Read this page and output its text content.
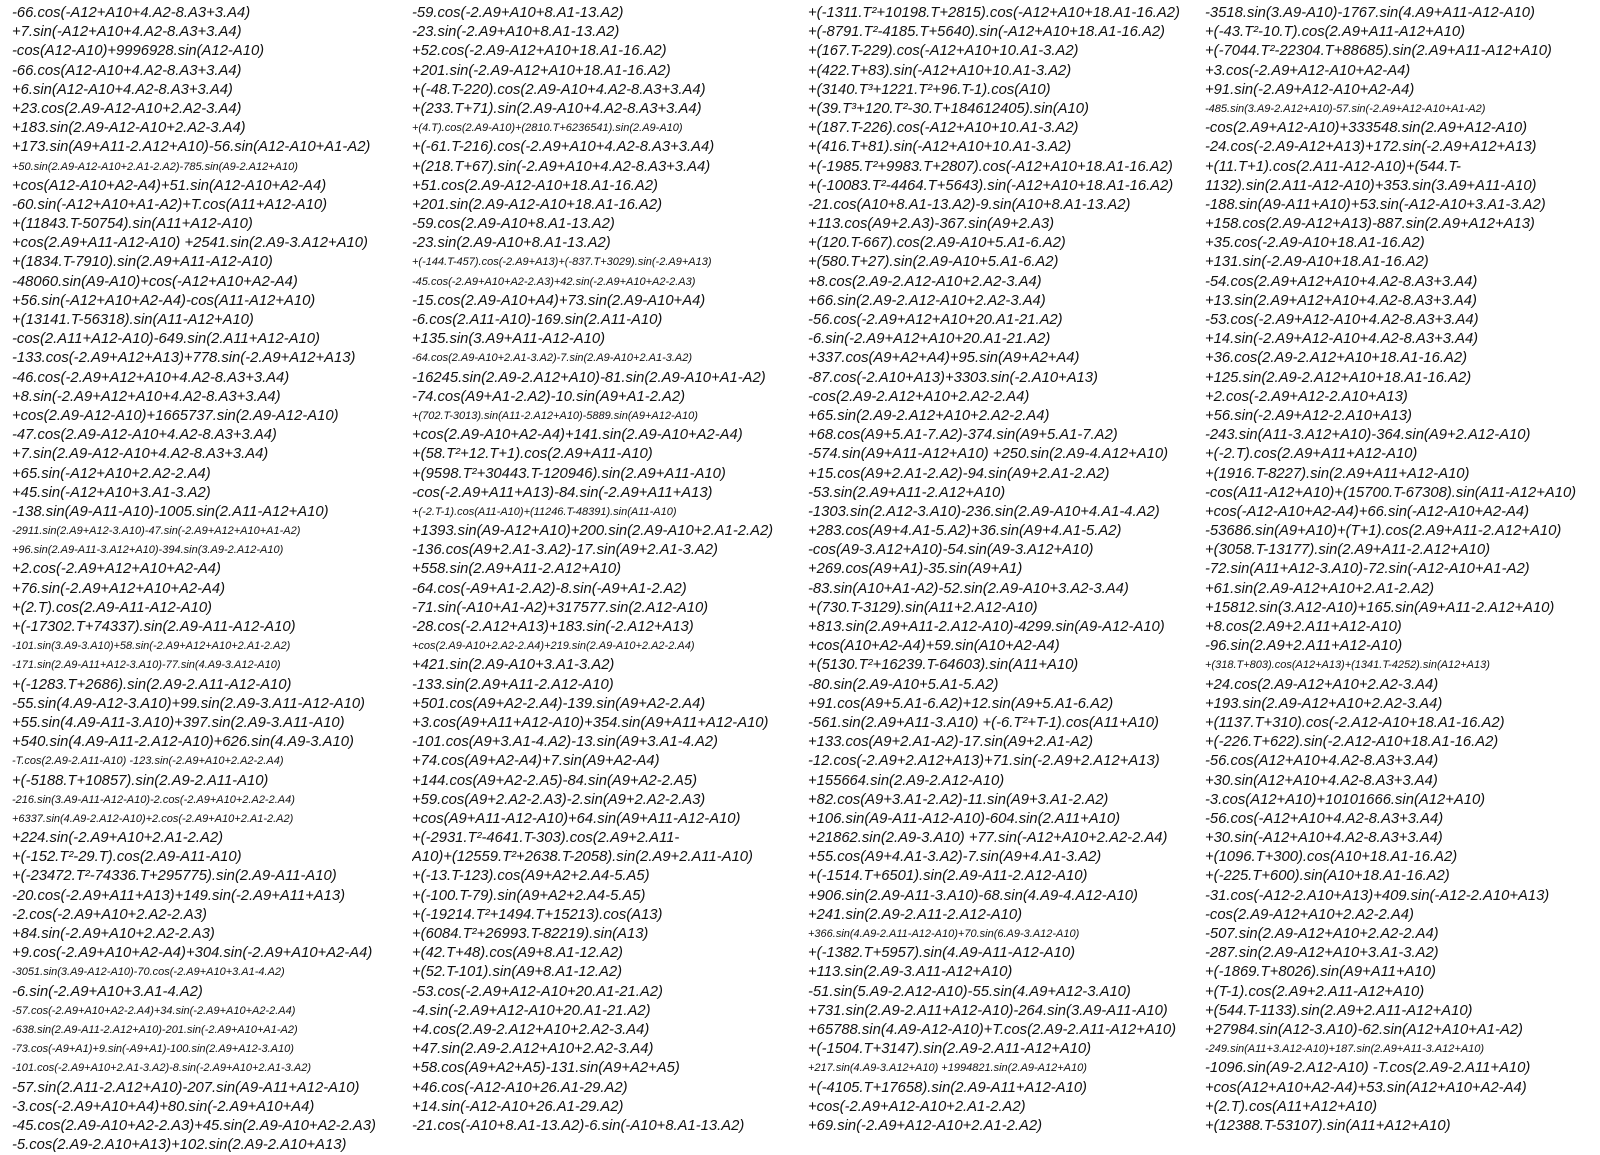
-66.cos(-A12+A10+4.A2-8.A3+3.A4)
+7.sin(-A12+A10+4.A2-8.A3+3.A4)
-cos(A12-A10)+9996928.sin(A12-A10)
-66.cos(A12-A10+4.A2-8.A3+3.A4)
+6.sin(A12-A10+4.A2-8.A3+3.A4)
+23.cos(2.A9-A12-A10+2.A2-3.A4)
+183.sin(2.A9-A12-A10+2.A2-3.A4)
+173.sin(A9+A11-2.A12+A10)-56.sin(A12-A10+A1-A2)
+50.sin(2.A9-A12-A10+2.A1-2.A2)-785.sin(A9-2.A12+A10)
+cos(A12-A10+A2-A4)+51.sin(A12-A10+A2-A4)
-60.sin(-A12+A10+A1-A2)+T.cos(A11+A12-A10)
+(11843.T-50754).sin(A11+A12-A10)
+cos(2.A9+A11-A12-A10) +2541.sin(2.A9-3.A12+A10)
+(1834.T-7910).sin(2.A9+A11-A12-A10)
-48060.sin(A9-A10)+cos(-A12+A10+A2-A4)
+56.sin(-A12+A10+A2-A4)-cos(A11-A12+A10)
+(13141.T-56318).sin(A11-A12+A10)
-cos(2.A11+A12-A10)-649.sin(2.A11+A12-A10)
-133.cos(-2.A9+A12+A13)+778.sin(-2.A9+A12+A13)
-46.cos(-2.A9+A12+A10+4.A2-8.A3+3.A4)
+8.sin(-2.A9+A12+A10+4.A2-8.A3+3.A4)
+cos(2.A9-A12-A10)+1665737.sin(2.A9-A12-A10)
-47.cos(2.A9-A12-A10+4.A2-8.A3+3.A4)
+7.sin(2.A9-A12-A10+4.A2-8.A3+3.A4)
+65.sin(-A12+A10+2.A2-2.A4)
+45.sin(-A12+A10+3.A1-3.A2)
-138.sin(A9-A11-A10)-1005.sin(2.A11-A12+A10)
-2911.sin(2.A9+A12-3.A10)-47.sin(-2.A9+A12+A10+A1-A2)
+96.sin(2.A9-A11-3.A12+A10)-394.sin(3.A9-2.A12-A10)
+2.cos(-2.A9+A12+A10+A2-A4)
+76.sin(-2.A9+A12+A10+A2-A4)
+(2.T).cos(2.A9-A11-A12-A10)
+(-17302.T+74337).sin(2.A9-A11-A12-A10)
-101.sin(3.A9-3.A10)+58.sin(-2.A9+A12+A10+2.A1-2.A2)
-171.sin(2.A9-A11+A12-3.A10)-77.sin(4.A9-3.A12-A10)
+(-1283.T+2686).sin(2.A9-2.A11-A12-A10)
-55.sin(4.A9-A12-3.A10)+99.sin(2.A9-3.A11-A12-A10)
+55.sin(4.A9-A11-3.A10)+397.sin(2.A9-3.A11-A10)
+540.sin(4.A9-A11-2.A12-A10)+626.sin(4.A9-3.A10)
-T.cos(2.A9-2.A11-A10) -123.sin(-2.A9+A10+2.A2-2.A4)
+(-5188.T+10857).sin(2.A9-2.A11-A10)
-216.sin(3.A9-A11-A12-A10)-2.cos(-2.A9+A10+2.A2-2.A4)
+6337.sin(4.A9-2.A12-A10)+2.cos(-2.A9+A10+2.A1-2.A2)
+224.sin(-2.A9+A10+2.A1-2.A2)
+(-152.T²-29.T).cos(2.A9-A11-A10)
+(-23472.T²-74336.T+295775).sin(2.A9-A11-A10)
-20.cos(-2.A9+A11+A13)+149.sin(-2.A9+A11+A13)
-2.cos(-2.A9+A10+2.A2-2.A3)
+84.sin(-2.A9+A10+2.A2-2.A3)
+9.cos(-2.A9+A10+A2-A4)+304.sin(-2.A9+A10+A2-A4)
-3051.sin(3.A9-A12-A10)-70.cos(-2.A9+A10+3.A1-4.A2)
-6.sin(-2.A9+A10+3.A1-4.A2)
-57.cos(-2.A9+A10+A2-2.A4)+34.sin(-2.A9+A10+A2-2.A4)
-638.sin(2.A9-A11-2.A12+A10)-201.sin(-2.A9+A10+A1-A2)
-73.cos(-A9+A1)+9.sin(-A9+A1)-100.sin(2.A9+A12-3.A10)
-101.cos(-2.A9+A10+2.A1-3.A2)-8.sin(-2.A9+A10+2.A1-3.A2)
-57.sin(2.A11-2.A12+A10)-207.sin(A9-A11+A12-A10)
-3.cos(-2.A9+A10+A4)+80.sin(-2.A9+A10+A4)
-45.cos(2.A9-A10+A2-2.A3)+45.sin(2.A9-A10+A2-2.A3)
-5.cos(2.A9-2.A10+A13)+102.sin(2.A9-2.A10+A13)
-59.cos(-2.A9+A10+8.A1-13.A2)
-23.sin(-2.A9+A10+8.A1-13.A2)
+52.cos(-2.A9-A12+A10+18.A1-16.A2)
+201.sin(-2.A9-A12+A10+18.A1-16.A2)
+(-48.T-220).cos(2.A9-A10+4.A2-8.A3+3.A4)
+(233.T+71).sin(2.A9-A10+4.A2-8.A3+3.A4)
+(4.T).cos(2.A9-A10)+(2810.T+6236541).sin(2.A9-A10)
+(-61.T-216).cos(-2.A9+A10+4.A2-8.A3+3.A4)
+(218.T+67).sin(-2.A9+A10+4.A2-8.A3+3.A4)
+51.cos(2.A9-A12-A10+18.A1-16.A2)
+201.sin(2.A9-A12-A10+18.A1-16.A2)
-59.cos(2.A9-A10+8.A1-13.A2)
-23.sin(2.A9-A10+8.A1-13.A2)
+(-144.T-457).cos(-2.A9+A13)+(-837.T+3029).sin(-2.A9+A13)
-45.cos(-2.A9+A10+A2-2.A3)+42.sin(-2.A9+A10+A2-2.A3)
-15.cos(2.A9-A10+A4)+73.sin(2.A9-A10+A4)
-6.cos(2.A11-A10)-169.sin(2.A11-A10)
+135.sin(3.A9+A11-A12-A10)
-64.cos(2.A9-A10+2.A1-3.A2)-7.sin(2.A9-A10+2.A1-3.A2)
-16245.sin(2.A9-2.A12+A10)-81.sin(2.A9-A10+A1-A2)
-74.cos(A9+A1-2.A2)-10.sin(A9+A1-2.A2)
+(702.T-3013).sin(A11-2.A12+A10)-5889.sin(A9+A12-A10)
+cos(2.A9-A10+A2-A4)+141.sin(2.A9-A10+A2-A4)
+(58.T²+12.T+1).cos(2.A9+A11-A10)
+(9598.T²+30443.T-120946).sin(2.A9+A11-A10)
-cos(-2.A9+A11+A13)-84.sin(-2.A9+A11+A13)
+(-2.T-1).cos(A11-A10)+(11246.T-48391).sin(A11-A10)
+1393.sin(A9-A12+A10)+200.sin(2.A9-A10+2.A1-2.A2)
-136.cos(A9+2.A1-3.A2)-17.sin(A9+2.A1-3.A2)
+558.sin(2.A9+A11-2.A12+A10)
-64.cos(-A9+A1-2.A2)-8.sin(-A9+A1-2.A2)
-71.sin(-A10+A1-A2)+317577.sin(2.A12-A10)
-28.cos(-2.A12+A13)+183.sin(-2.A12+A13)
+cos(2.A9-A10+2.A2-2.A4)+219.sin(2.A9-A10+2.A2-2.A4)
+421.sin(2.A9-A10+3.A1-3.A2)
-133.sin(2.A9+A11-2.A12-A10)
+501.cos(A9+A2-2.A4)-139.sin(A9+A2-2.A4)
+3.cos(A9+A11+A12-A10)+354.sin(A9+A11+A12-A10)
-101.cos(A9+3.A1-4.A2)-13.sin(A9+3.A1-4.A2)
+74.cos(A9+A2-A4)+7.sin(A9+A2-A4)
+144.cos(A9+A2-2.A5)-84.sin(A9+A2-2.A5)
+59.cos(A9+2.A2-2.A3)-2.sin(A9+2.A2-2.A3)
+cos(A9+A11-A12-A10)+64.sin(A9+A11-A12-A10)
+(-2931.T²-4641.T-303).cos(2.A9+2.A11-
A10)+(12559.T²+2638.T-2058).sin(2.A9+2.A11-A10)
+(-13.T-123).cos(A9+A2+2.A4-5.A5)
+(-100.T-79).sin(A9+A2+2.A4-5.A5)
+(-19214.T²+1494.T+15213).cos(A13)
+(6084.T²+26993.T-82219).sin(A13)
+(42.T+48).cos(A9+8.A1-12.A2)
+(52.T-101).sin(A9+8.A1-12.A2)
-53.cos(-2.A9+A12-A10+20.A1-21.A2)
-4.sin(-2.A9+A12-A10+20.A1-21.A2)
+4.cos(2.A9-2.A12+A10+2.A2-3.A4)
+47.sin(2.A9-2.A12+A10+2.A2-3.A4)
+58.cos(A9+A2+A5)-131.sin(A9+A2+A5)
+46.cos(-A12-A10+26.A1-29.A2)
+14.sin(-A12-A10+26.A1-29.A2)
-21.cos(-A10+8.A1-13.A2)-6.sin(-A10+8.A1-13.A2)
+(-1311.T²+10198.T+2815).cos(-A12+A10+18.A1-16.A2)
+(-8791.T²-4185.T+5640).sin(-A12+A10+18.A1-16.A2)
+(167.T-229).cos(-A12+A10+10.A1-3.A2)
+(422.T+83).sin(-A12+A10+10.A1-3.A2)
+(3140.T³+1221.T²+96.T-1).cos(A10)
+(39.T³+120.T²-30.T+184612405).sin(A10)
+(187.T-226).cos(-A12+A10+10.A1-3.A2)
+(416.T+81).sin(-A12+A10+10.A1-3.A2)
+(-1985.T²+9983.T+2807).cos(-A12+A10+18.A1-16.A2)
+(-10083.T²-4464.T+5643).sin(-A12+A10+18.A1-16.A2)
-21.cos(A10+8.A1-13.A2)-9.sin(A10+8.A1-13.A2)
+113.cos(A9+2.A3)-367.sin(A9+2.A3)
+(120.T-667).cos(2.A9-A10+5.A1-6.A2)
+(580.T+27).sin(2.A9-A10+5.A1-6.A2)
+8.cos(2.A9-2.A12-A10+2.A2-3.A4)
+66.sin(2.A9-2.A12-A10+2.A2-3.A4)
-56.cos(-2.A9+A12+A10+20.A1-21.A2)
-6.sin(-2.A9+A12+A10+20.A1-21.A2)
+337.cos(A9+A2+A4)+95.sin(A9+A2+A4)
-87.cos(-2.A10+A13)+3303.sin(-2.A10+A13)
-cos(2.A9-2.A12+A10+2.A2-2.A4)
+65.sin(2.A9-2.A12+A10+2.A2-2.A4)
+68.cos(A9+5.A1-7.A2)-374.sin(A9+5.A1-7.A2)
-574.sin(A9+A11-A12+A10) +250.sin(2.A9-4.A12+A10)
+15.cos(A9+2.A1-2.A2)-94.sin(A9+2.A1-2.A2)
-53.sin(2.A9+A11-2.A12+A10)
-1303.sin(2.A12-3.A10)-236.sin(2.A9-A10+4.A1-4.A2)
+283.cos(A9+4.A1-5.A2)+36.sin(A9+4.A1-5.A2)
-cos(A9-3.A12+A10)-54.sin(A9-3.A12+A10)
+269.cos(A9+A1)-35.sin(A9+A1)
-83.sin(A10+A1-A2)-52.sin(2.A9-A10+3.A2-3.A4)
+(730.T-3129).sin(A11+2.A12-A10)
+813.sin(2.A9+A11-2.A12-A10)-4299.sin(A9-A12-A10)
+cos(A10+A2-A4)+59.sin(A10+A2-A4)
+(5130.T²+16239.T-64603).sin(A11+A10)
-80.sin(2.A9-A10+5.A1-5.A2)
+91.cos(A9+5.A1-6.A2)+12.sin(A9+5.A1-6.A2)
-561.sin(2.A9+A11-3.A10) +(-6.T²+T-1).cos(A11+A10)
+133.cos(A9+2.A1-A2)-17.sin(A9+2.A1-A2)
-12.cos(-2.A9+2.A12+A13)+71.sin(-2.A9+2.A12+A13)
+155664.sin(2.A9-2.A12-A10)
+82.cos(A9+3.A1-2.A2)-11.sin(A9+3.A1-2.A2)
+106.sin(A9-A11-A12-A10)-604.sin(2.A11+A10)
+21862.sin(2.A9-3.A10) +77.sin(-A12+A10+2.A2-2.A4)
+55.cos(A9+4.A1-3.A2)-7.sin(A9+4.A1-3.A2)
+(-1514.T+6501).sin(2.A9-A11-2.A12-A10)
+906.sin(2.A9-A11-3.A10)-68.sin(4.A9-4.A12-A10)
+241.sin(2.A9-2.A11-2.A12-A10)
+366.sin(4.A9-2.A11-A12-A10)+70.sin(6.A9-3.A12-A10)
+(-1382.T+5957).sin(4.A9-A11-A12-A10)
+113.sin(2.A9-3.A11-A12+A10)
-51.sin(5.A9-2.A12-A10)-55.sin(4.A9+A12-3.A10)
+731.sin(2.A9-2.A11+A12-A10)-264.sin(3.A9-A11-A10)
+65788.sin(4.A9-A12-A10)+T.cos(2.A9-2.A11-A12+A10)
+(-1504.T+3147).sin(2.A9-2.A11-A12+A10)
+217.sin(4.A9-3.A12+A10) +1994821.sin(2.A9-A12+A10)
+(-4105.T+17658).sin(2.A9-A11+A12-A10)
+cos(-2.A9+A12-A10+2.A1-2.A2)
+69.sin(-2.A9+A12-A10+2.A1-2.A2)
-3518.sin(3.A9-A10)-1767.sin(4.A9+A11-A12-A10)
+(-43.T²-10.T).cos(2.A9+A11-A12+A10)
+(-7044.T²-22304.T+88685).sin(2.A9+A11-A12+A10)
+3.cos(-2.A9+A12-A10+A2-A4)
+91.sin(-2.A9+A12-A10+A2-A4)
-485.sin(3.A9-2.A12+A10)-57.sin(-2.A9+A12-A10+A1-A2)
-cos(2.A9+A12-A10)+333548.sin(2.A9+A12-A10)
-24.cos(-2.A9-A12+A13)+172.sin(-2.A9+A12+A13)
+(11.T+1).cos(2.A11-A12-A10)+(544.T-
1132).sin(2.A11-A12-A10)+353.sin(3.A9+A11-A10)
-188.sin(A9-A11+A10)+53.sin(-A12-A10+3.A1-3.A2)
+158.cos(2.A9-A12+A13)-887.sin(2.A9+A12+A13)
+35.cos(-2.A9-A10+18.A1-16.A2)
+131.sin(-2.A9-A10+18.A1-16.A2)
-54.cos(2.A9+A12+A10+4.A2-8.A3+3.A4)
+13.sin(2.A9+A12+A10+4.A2-8.A3+3.A4)
-53.cos(-2.A9+A12-A10+4.A2-8.A3+3.A4)
+14.sin(-2.A9+A12-A10+4.A2-8.A3+3.A4)
+36.cos(2.A9-2.A12+A10+18.A1-16.A2)
+125.sin(2.A9-2.A12+A10+18.A1-16.A2)
+2.cos(-2.A9+A12-2.A10+A13)
+56.sin(-2.A9+A12-2.A10+A13)
-243.sin(A11-3.A12+A10)-364.sin(A9+2.A12-A10)
+(-2.T).cos(2.A9+A11+A12-A10)
+(1916.T-8227).sin(2.A9+A11+A12-A10)
-cos(A11-A12+A10)+(15700.T-67308).sin(A11-A12+A10)
+cos(-A12-A10+A2-A4)+66.sin(-A12-A10+A2-A4)
-53686.sin(A9+A10)+(T+1).cos(2.A9+A11-2.A12+A10)
+(3058.T-13177).sin(2.A9+A11-2.A12+A10)
-72.sin(A11+A12-3.A10)-72.sin(-A12-A10+A1-A2)
+61.sin(2.A9-A12+A10+2.A1-2.A2)
+15812.sin(3.A12-A10)+165.sin(A9+A11-2.A12+A10)
+8.cos(2.A9+2.A11+A12-A10)
-96.sin(2.A9+2.A11+A12-A10)
+(318.T+803).cos(A12+A13)+(1341.T-4252).sin(A12+A13)
+24.cos(2.A9-A12+A10+2.A2-3.A4)
+193.sin(2.A9-A12+A10+2.A2-3.A4)
+(1137.T+310).cos(-2.A12-A10+18.A1-16.A2)
+(-226.T+622).sin(-2.A12-A10+18.A1-16.A2)
-56.cos(A12+A10+4.A2-8.A3+3.A4)
+30.sin(A12+A10+4.A2-8.A3+3.A4)
-3.cos(A12+A10)+10101666.sin(A12+A10)
-56.cos(-A12+A10+4.A2-8.A3+3.A4)
+30.sin(-A12+A10+4.A2-8.A3+3.A4)
+(1096.T+300).cos(A10+18.A1-16.A2)
+(-225.T+600).sin(A10+18.A1-16.A2)
-31.cos(-A12-2.A10+A13)+409.sin(-A12-2.A10+A13)
-cos(2.A9-A12+A10+2.A2-2.A4)
-507.sin(2.A9-A12+A10+2.A2-2.A4)
-287.sin(2.A9-A12+A10+3.A1-3.A2)
+(-1869.T+8026).sin(A9+A11+A10)
+(T-1).cos(2.A9+2.A11-A12+A10)
+(544.T-1133).sin(2.A9+2.A11-A12+A10)
+27984.sin(A12-3.A10)-62.sin(A12+A10+A1-A2)
-249.sin(A11+3.A12-A10)+187.sin(2.A9+A11-3.A12+A10)
-1096.sin(A9-2.A12-A10) -T.cos(2.A9-2.A11+A10)
+cos(A12+A10+A2-A4)+53.sin(A12+A10+A2-A4)
+(2.T).cos(A11+A12+A10)
+(12388.T-53107).sin(A11+A12+A10)
